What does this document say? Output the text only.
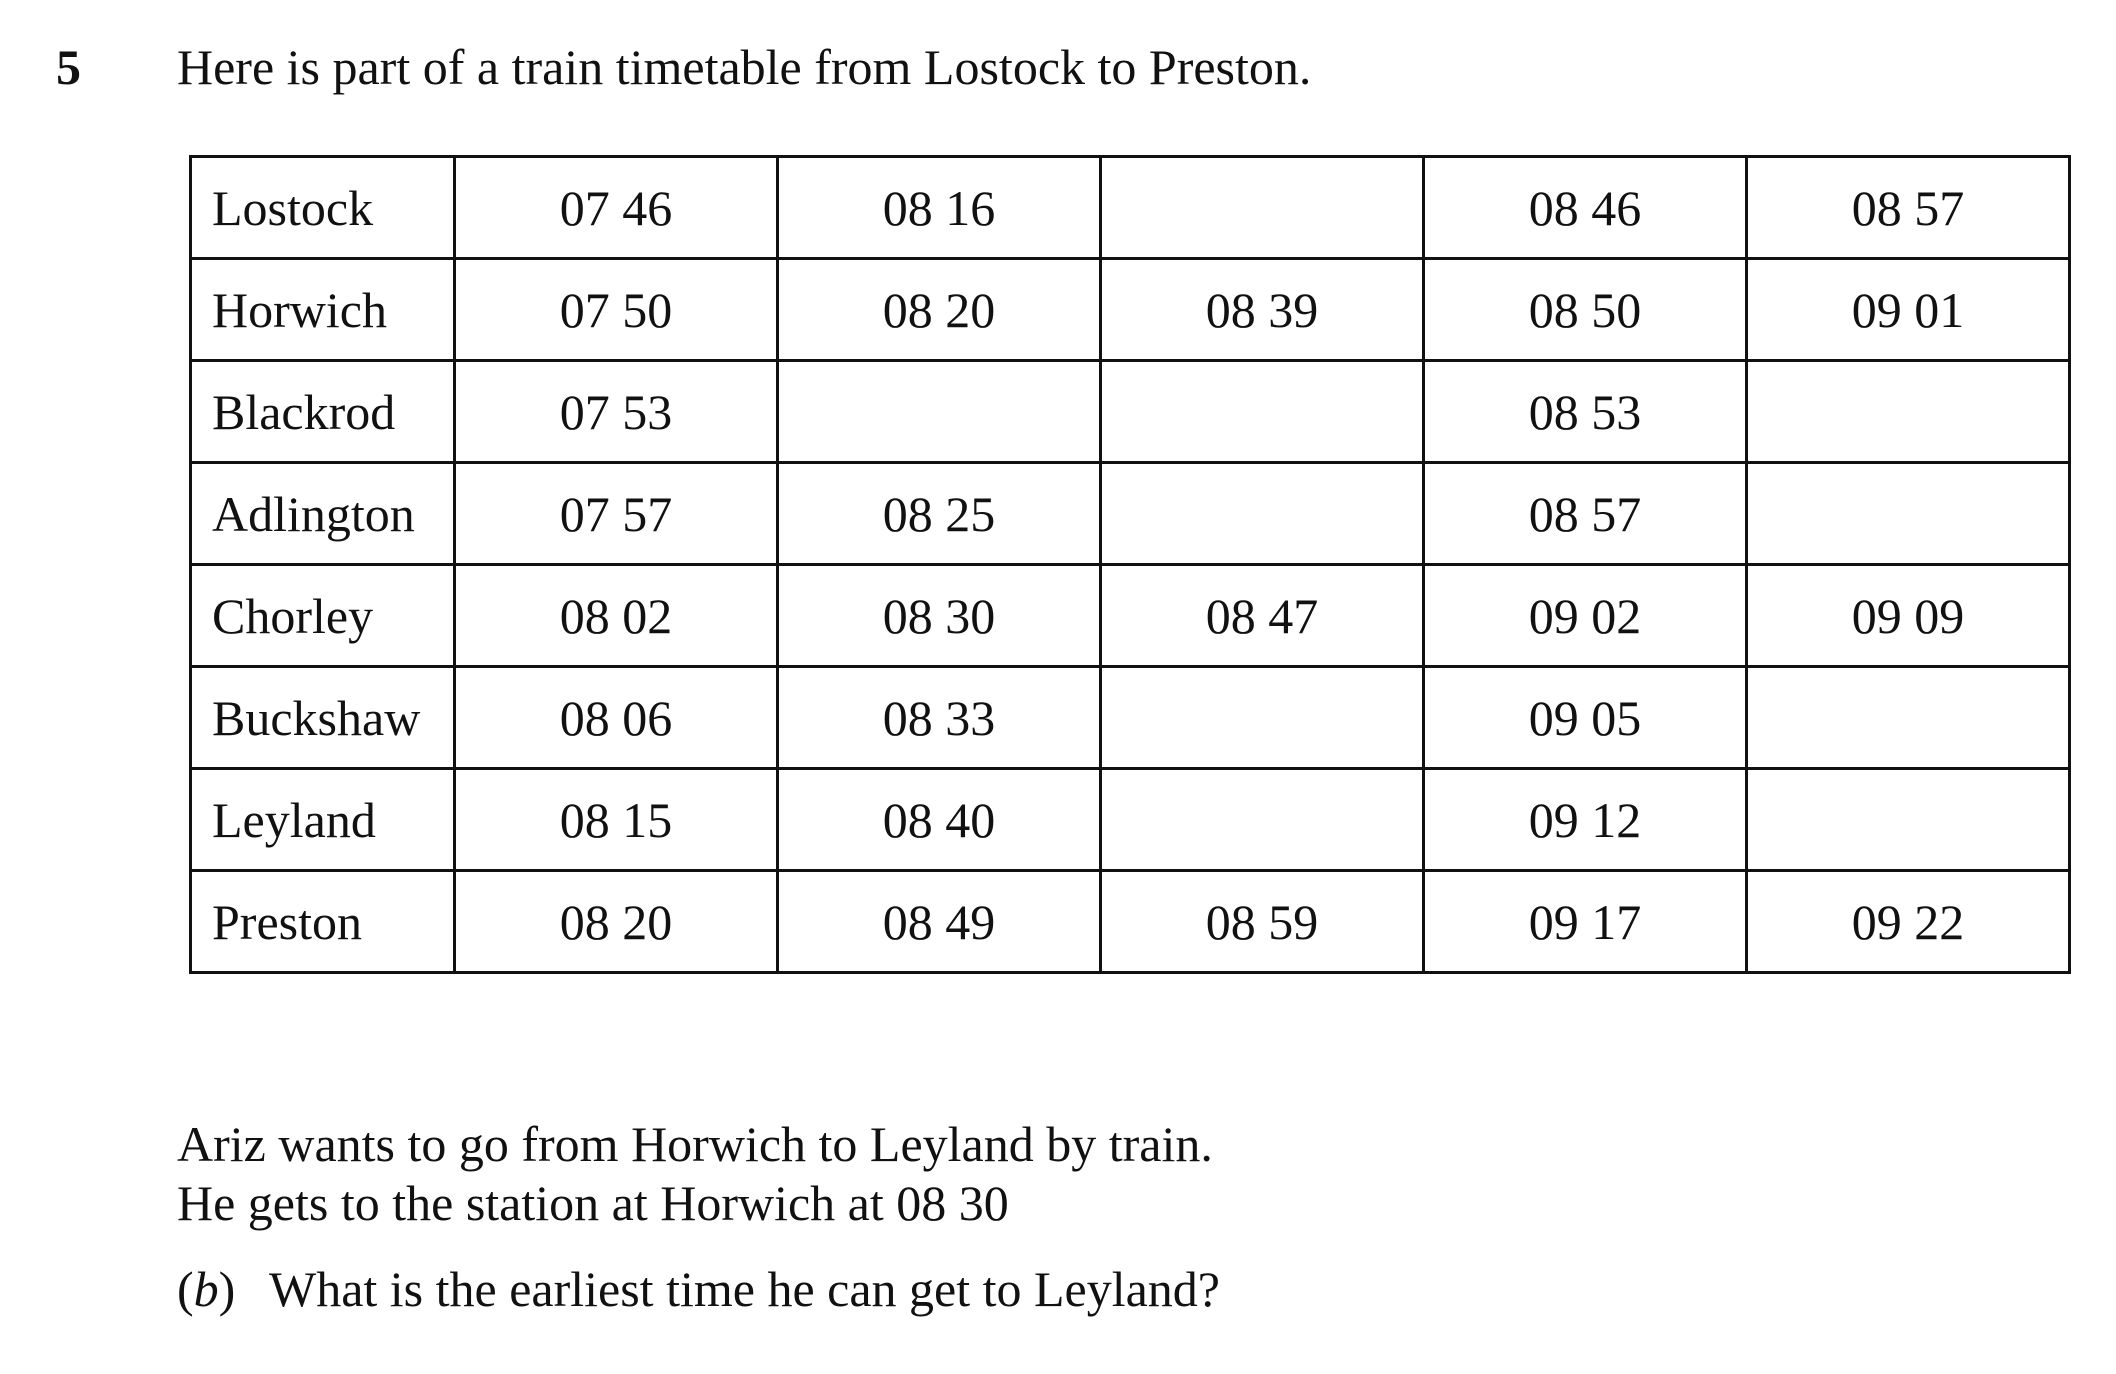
5 Here is part of a train timetable from Lostock to Preston.
Lostock	07 46	08 16		08 46	08 57
Horwich	07 50	08 20	08 39	08 50	09 01
Blackrod	07 53			08 53	
Adlington	07 57	08 25		08 57	
Chorley	08 02	08 30	08 47	09 02	09 09
Buckshaw	08 06	08 33		09 05	
Leyland	08 15	08 40		09 12	
Preston	08 20	08 49	08 59	09 17	09 22
Ariz wants to go from Horwich to Leyland by train.
He gets to the station at Horwich at 08 30
(b) What is the earliest time he can get to Leyland?
